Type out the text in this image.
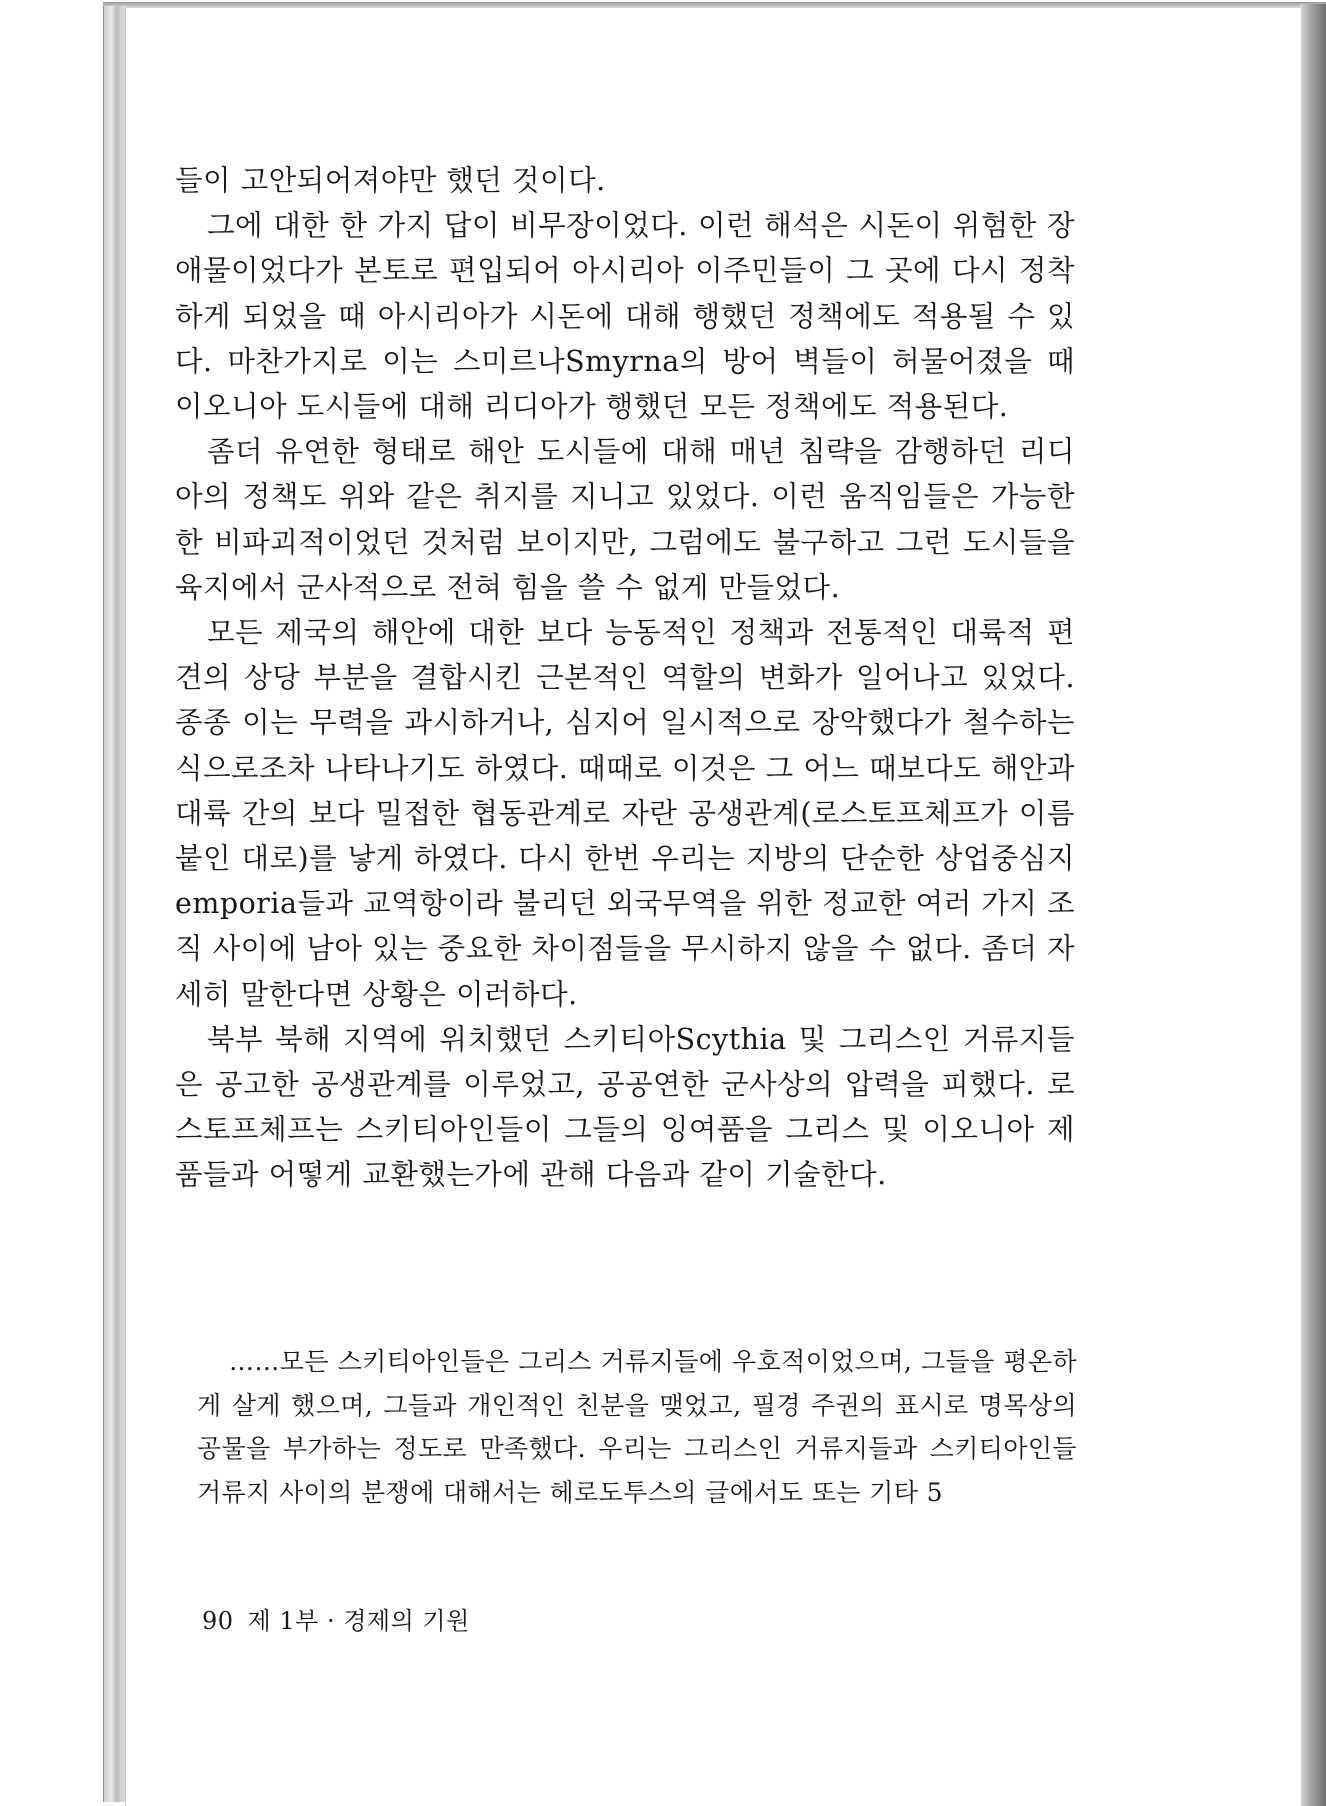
들이 고안되어져야만 했던 것이다.

그에 대한 한 가지 답이 비무장이었다. 이런 해석은 시돈이 위험한 장애물이었다가 본토로 편입되어 아시리아 이주민들이 그 곳에 다시 정착하게 되었을 때 아시리아가 시돈에 대해 행했던 정책에도 적용될 수 있다. 마찬가지로 이는 스미르나Smyrna의 방어 벽들이 허물어졌을 때 이오니아 도시들에 대해 리디아가 행했던 모든 정책에도 적용된다.

좀더 유연한 형태로 해안 도시들에 대해 매년 침략을 감행하던 리디아의 정책도 위와 같은 취지를 지니고 있었다. 이런 움직임들은 가능한 한 비파괴적이었던 것처럼 보이지만, 그럼에도 불구하고 그런 도시들을 육지에서 군사적으로 전혀 힘을 쓸 수 없게 만들었다.

모든 제국의 해안에 대한 보다 능동적인 정책과 전통적인 대륙적 편견의 상당 부분을 결합시킨 근본적인 역할의 변화가 일어나고 있었다. 종종 이는 무력을 과시하거나, 심지어 일시적으로 장악했다가 철수하는 식으로조차 나타나기도 하였다. 때때로 이것은 그 어느 때보다도 해안과 대륙 간의 보다 밀접한 협동관계로 자란 공생관계(로스토프체프가 이름붙인 대로)를 낳게 하였다. 다시 한번 우리는 지방의 단순한 상업중심지 emporia들과 교역항이라 불리던 외국무역을 위한 정교한 여러 가지 조직 사이에 남아 있는 중요한 차이점들을 무시하지 않을 수 없다. 좀더 자세히 말한다면 상황은 이러하다.

북부 북해 지역에 위치했던 스키티아Scythia 및 그리스인 거류지들은 공고한 공생관계를 이루었고, 공공연한 군사상의 압력을 피했다. 로스토프체프는 스키티아인들이 그들의 잉여품을 그리스 및 이오니아 제품들과 어떻게 교환했는가에 관해 다음과 같이 기술한다.

……모든 스키티아인들은 그리스 거류지들에 우호적이었으며, 그들을 평온하게 살게 했으며, 그들과 개인적인 친분을 맺었고, 필경 주권의 표시로 명목상의 공물을 부가하는 정도로 만족했다. 우리는 그리스인 거류지들과 스키티아인들 거류지 사이의 분쟁에 대해서는 헤로도투스의 글에서도 또는 기타 5

90 제 1부 · 경제의 기원
